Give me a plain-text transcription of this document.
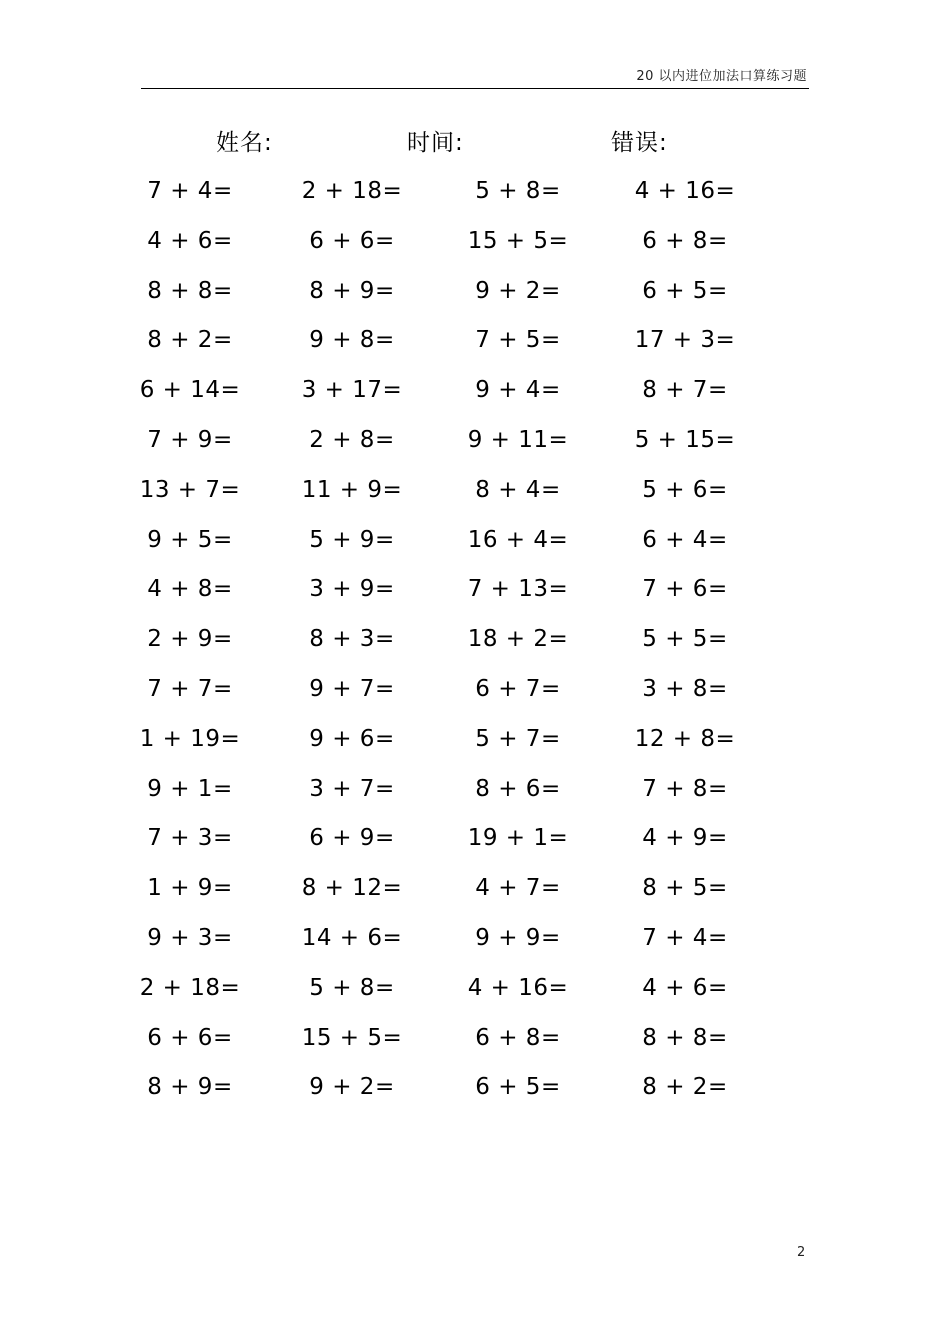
20 以内进位加法口算练习题
姓名:	时间:	错误:
7 + 4=	2 + 18=	5 + 8=	4 + 16=
4 + 6=	6 + 6=	15 + 5=	6 + 8=
8 + 8=	8 + 9=	9 + 2=	6 + 5=
8 + 2=	9 + 8=	7 + 5=	17 + 3=
6 + 14=	3 + 17=	9 + 4=	8 + 7=
7 + 9=	2 + 8=	9 + 11=	5 + 15=
13 + 7=	11 + 9=	8 + 4=	5 + 6=
9 + 5=	5 + 9=	16 + 4=	6 + 4=
4 + 8=	3 + 9=	7 + 13=	7 + 6=
2 + 9=	8 + 3=	18 + 2=	5 + 5=
7 + 7=	9 + 7=	6 + 7=	3 + 8=
1 + 19=	9 + 6=	5 + 7=	12 + 8=
9 + 1=	3 + 7=	8 + 6=	7 + 8=
7 + 3=	6 + 9=	19 + 1=	4 + 9=
1 + 9=	8 + 12=	4 + 7=	8 + 5=
9 + 3=	14 + 6=	9 + 9=	7 + 4=
2 + 18=	5 + 8=	4 + 16=	4 + 6=
6 + 6=	15 + 5=	6 + 8=	8 + 8=
8 + 9=	9 + 2=	6 + 5=	8 + 2=
2
